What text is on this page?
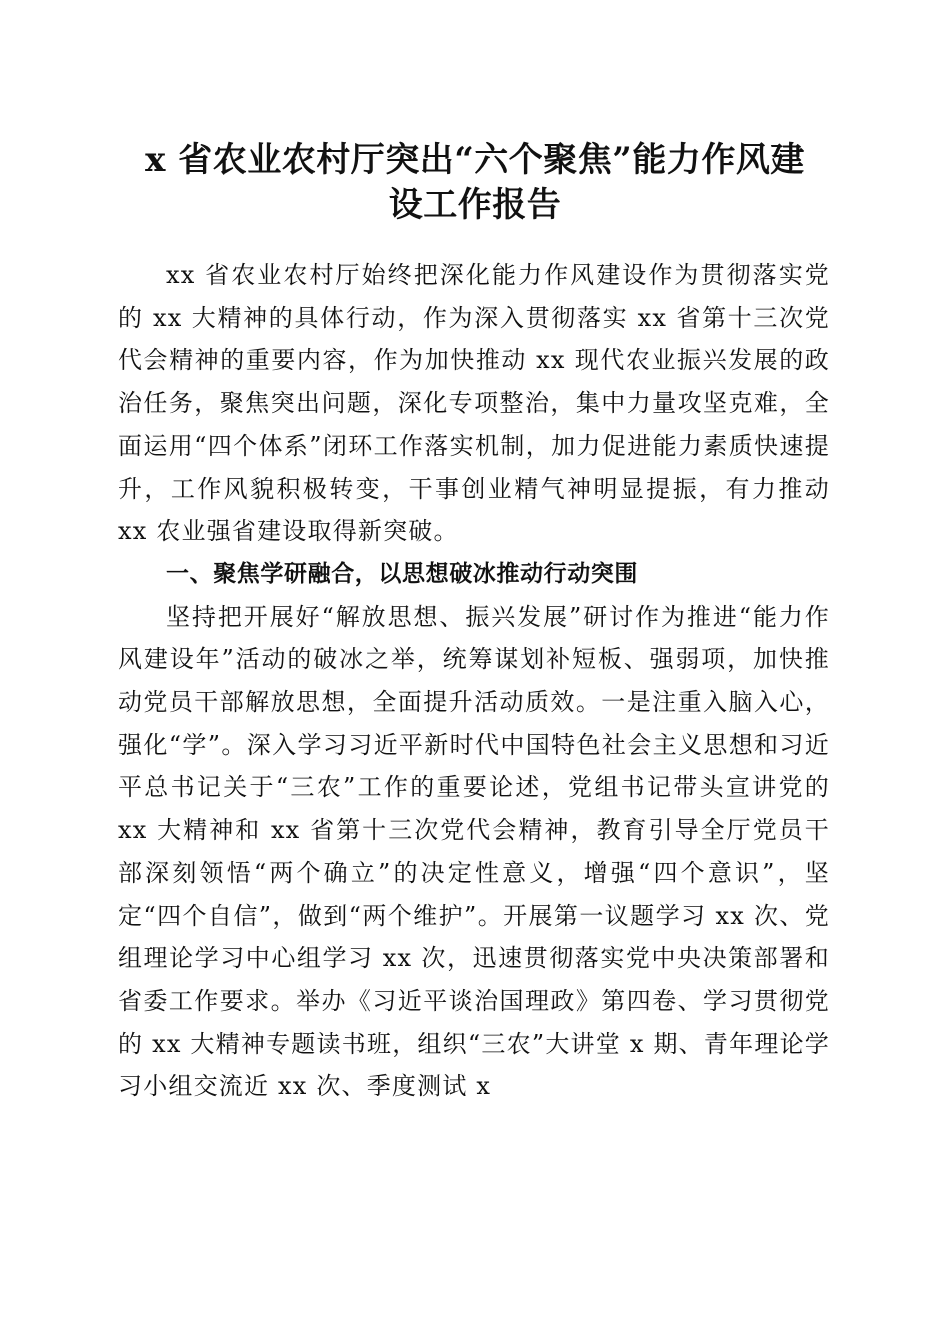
x 省农业农村厅突出“六个聚焦”能力作风建
设工作报告

xx 省农业农村厅始终把深化能力作风建设作为贯彻落实党的 xx 大精神的具体行动，作为深入贯彻落实 xx 省第十三次党代会精神的重要内容，作为加快推动 xx 现代农业振兴发展的政治任务，聚焦突出问题，深化专项整治，集中力量攻坚克难，全面运用“四个体系”闭环工作落实机制，加力促进能力素质快速提升，工作风貌积极转变，干事创业精气神明显提振，有力推动 xx 农业强省建设取得新突破。

一、聚焦学研融合，以思想破冰推动行动突围

坚持把开展好“解放思想、振兴发展”研讨作为推进“能力作风建设年”活动的破冰之举，统筹谋划补短板、强弱项，加快推动党员干部解放思想，全面提升活动质效。一是注重入脑入心，强化“学”。深入学习习近平新时代中国特色社会主义思想和习近平总书记关于“三农”工作的重要论述，党组书记带头宣讲党的 xx 大精神和 xx 省第十三次党代会精神，教育引导全厅党员干部深刻领悟“两个确立”的决定性意义，增强“四个意识”，坚定“四个自信”，做到“两个维护”。开展第一议题学习 xx 次、党组理论学习中心组学习 xx 次，迅速贯彻落实党中央决策部署和省委工作要求。举办《习近平谈治国理政》第四卷、学习贯彻党的 xx 大精神专题读书班，组织“三农”大讲堂 x 期、青年理论学习小组交流近 xx 次、季度测试 x
